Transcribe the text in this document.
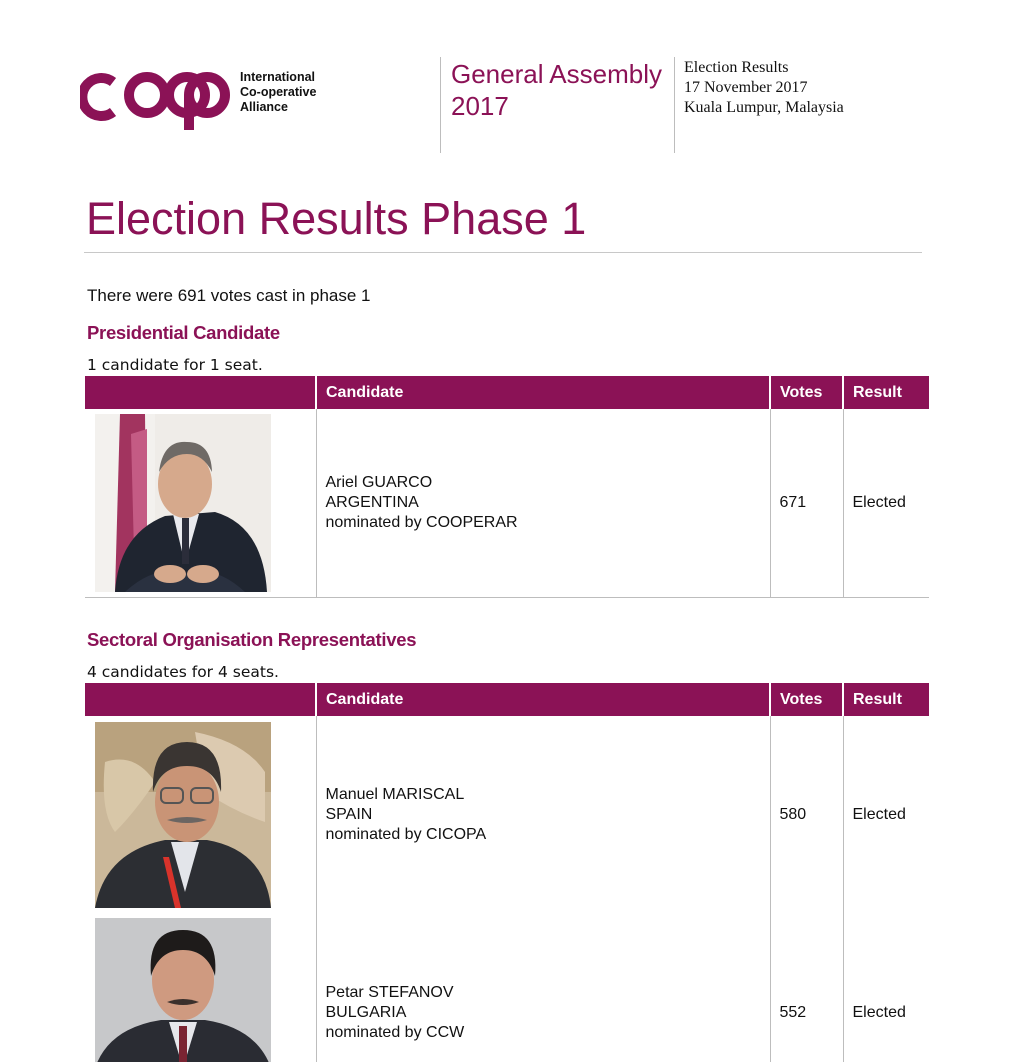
International
Co-operative
Alliance
General Assembly
2017
Election Results
17 November 2017
Kuala Lumpur, Malaysia
Election Results Phase 1

There were 691 votes cast in phase 1

Presidential Candidate

1 candidate for 1 seat.

	Candidate	Votes	Result

Ariel GUARCO
ARGENTINA
nominated by COOPERAR	671	Elected
Sectoral Organisation Representatives

4 candidates for 4 seats.

	Candidate	Votes	Result

Manuel MARISCAL
SPAIN
nominated by CICOPA	580	Elected

Petar STEFANOV
BULGARIA
nominated by CCW	552	Elected
